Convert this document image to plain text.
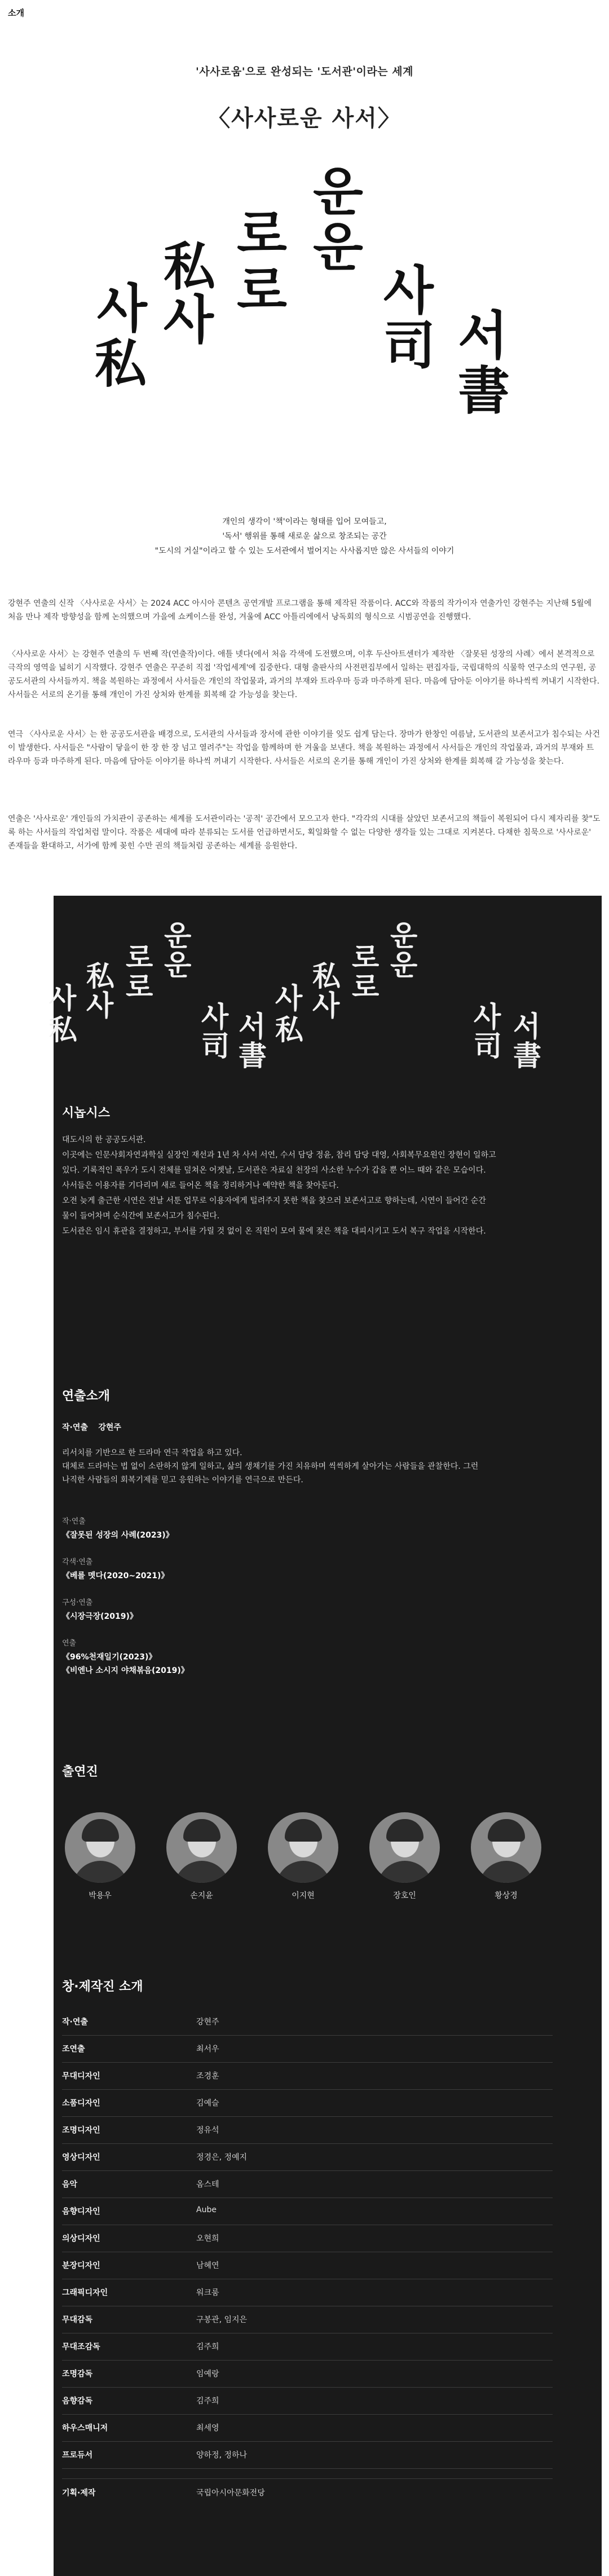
소개
'사사로움'으로 완성되는 '도서관'이라는 세계
〈사사로운 사서〉
사
私
私
사
로
로
운
운
사
司 서
書
개인의 생각이 '책'이라는 형태를 입어 모여들고,
'독서' 행위를 통해 새로운 삶으로 창조되는 공간
"도시의 거실"이라고 할 수 있는 도서관에서 벌어지는 사사롭지만 않은 사서들의 이야기

강현주 연출의 신작 〈사사로운 사서〉는 2024 ACC 아시아 콘텐츠 공연개발 프로그램을 통해 제작된 작품이다. ACC와 작품의 작가이자 연출가인 강현주는 지난해 5월에 처음 만나 제작 방향성을 함께 논의했으며 가을에 쇼케이스를 완성, 겨울에 ACC 아틀리에에서 낭독회의 형식으로 시범공연을 진행했다.

〈사사로운 사서〉는 강현주 연출의 두 번째 작(연출작)이다. 애틀 넷다(에서 처음 각색에 도전했으며, 이후 두산아트센터가 제작한 〈잘못된 성장의 사례〉에서 본격적으로 극작의 영역을 넓히기 시작했다. 강현주 연출은 꾸준히 직접 '작업세계'에 집중한다. 대형 출판사의 사전편집부에서 일하는 편집자들, 국립대학의 식물학 연구소의 연구원, 공공도서관의 사서들까지. 책을 복원하는 과정에서 사서들은 개인의 작업물과, 과거의 부재와 트라우마 등과 마주하게 된다. 마음에 담아둔 이야기를 하나씩씩 꺼내기 시작한다. 사서들은 서로의 온기를 통해 개인이 가진 상처와 한계를 회복해 갈 가능성을 찾는다.

연극 〈사사로운 사서〉는 한 공공도서관을 배경으로, 도서관의 사서들과 장서에 관한 이야기를 잊도 쉽게 담는다. 장마가 한창인 여름날, 도서관의 보존서고가 침수되는 사건이 발생한다. 사서들은 "사람이 닿을이 한 장 한 장 넘고 열려주"는 작업을 함께하며 한 겨울을 보낸다. 책을 복원하는 과정에서 사서들은 개인의 작업물과, 과거의 부재와 트라우마 등과 마주하게 된다. 마음에 담아둔 이야기를 하나씩 꺼내기 시작한다. 사서들은 서로의 온기를 통해 개인이 가진 상처와 한계를 회복해 갈 가능성을 찾는다.

연출은 '사사로운' 개인들의 가치관이 공존하는 세계를 도서관이라는 '공적' 공간에서 모으고자 한다. "각각의 시대를 살았던 보존서고의 책들이 복원되어 다시 제자리를 찾"도록 하는 사서들의 작업처럼 말이다. 작품은 세대에 따라 분류되는 도서를 언급하면서도, 획일화할 수 없는 다양한 생각들 있는 그대로 지켜본다. 다채한 침묵으로 '사사로운' 존재들을 환대하고, 서가에 함께 꽂힌 수만 권의 책들처럼 공존하는 세계를 응원한다.

사
私
私
사
로
로
운
운
사
司
서
書
사
私
私
사
로
로
운
운
사
司
서
書
시놉시스
대도시의 한 공공도서관.
이곳에는 인문사회자연과학실 실장인 재선과 1년 차 사서 서연, 수서 담당 정윤, 참리 담당 대영, 사회복무요원인 장현이 일하고
있다. 기록적인 폭우가 도시 전체를 덮쳐온 어젯날, 도서관은 자료실 천장의 사소한 누수가 갑을 뿐 어느 때와 같은 모습이다.
사서들은 이용자를 기다리며 새로 들어온 책을 정리하거나 예약한 책을 찾아둔다.
오전 늦게 출근한 시연은 전날 서툰 업무로 이용자에게 털려주지 못한 책을 찾으러 보존서고로 향하는데, 시연이 들어간 순간
물이 들어차며 순식간에 보존서고가 침수된다.
도서관은 임시 휴관을 결정하고, 부서를 가릴 것 없이 온 직원이 모여 물에 젖은 책을 대피시키고 도서 복구 작업을 시작한다.
연출소개
작·연출 강현주
리서치를 기반으로 한 드라마 연극 작업을 하고 있다.
대체로 드라마는 법 없이 소란하지 않게 일하고, 삶의 생채기를 가진 치유하며 씩씩하게 살아가는 사람들을 관찰한다. 그런
나직한 사람들의 회복기제를 믿고 응원하는 이야기를 연극으로 만든다.
작·연출
《잘못된 성장의 사례(2023)》
각색·연출
《베를 멧다(2020~2021)》
구성·연출
《시장극장(2019)》
연출
《96%천재일기(2023)》
《비엔나 소시지 야채볶음(2019)》
출연진
박용우	손지윤	이지현	장호인	황상경
창·제작진 소개
작·연출	강현주
조연출	최서우
무대디자인	조경훈
소품디자인	김예슬
조명디자인	정유석
영상디자인	정경은, 정예지
음악	옴스테
음향디자인	Aube
의상디자인	오현희
분장디자인	남혜연
그래픽디자인	워크룸
무대감독	구봉관, 임지은
무대조감독	김주희
조명감독	임예랑
음향감독	김주희
하우스매니저	최세영
프로듀서	양하정, 정하나
기획·제작	국립아시아문화전당
